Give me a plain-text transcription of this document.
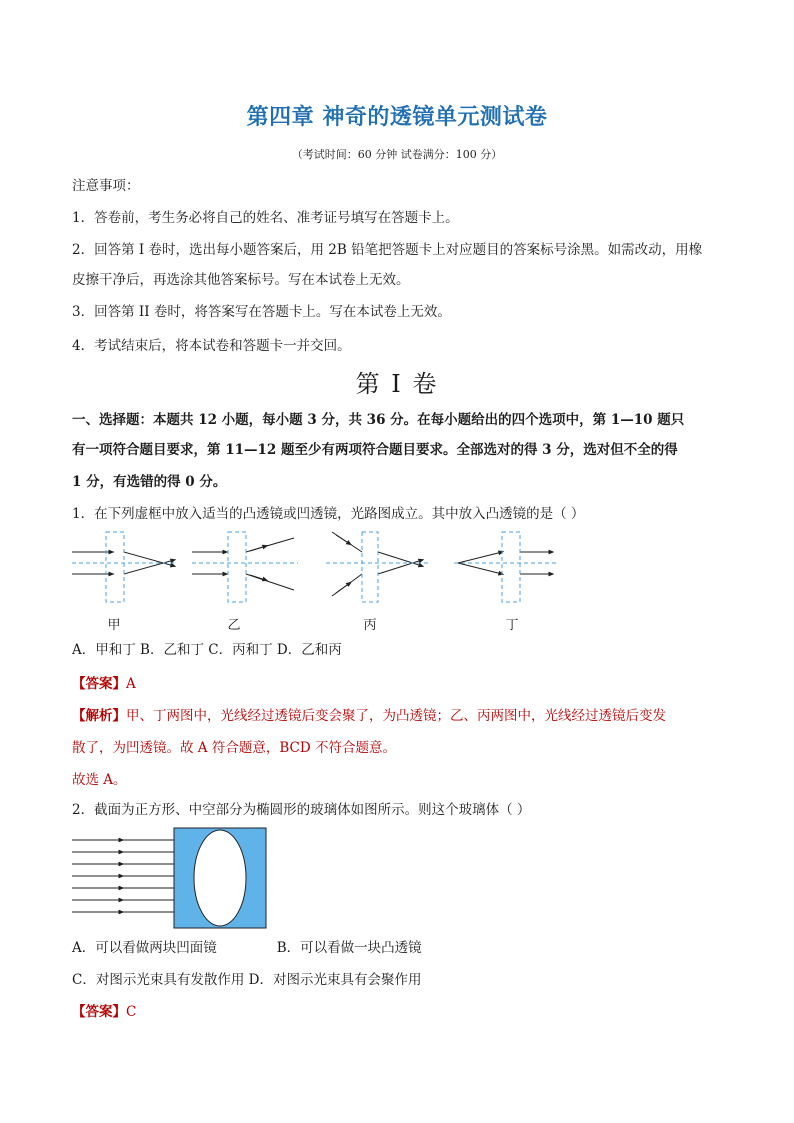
第四章 神奇的透镜单元测试卷
（考试时间：60 分钟 试卷满分：100 分）
注意事项：
1．答卷前，考生务必将自己的姓名、准考证号填写在答题卡上。
2．回答第 I 卷时，选出每小题答案后，用 2B 铅笔把答题卡上对应题目的答案标号涂黑。如需改动，用橡
皮擦干净后，再选涂其他答案标号。写在本试卷上无效。
3．回答第 II 卷时，将答案写在答题卡上。写在本试卷上无效。
4．考试结束后，将本试卷和答题卡一并交回。
第 I 卷
一、选择题：本题共 12 小题，每小题 3 分，共 36 分。在每小题给出的四个选项中，第 1—10 题只
有一项符合题目要求，第 11—12 题至少有两项符合题目要求。全部选对的得 3 分，选对但不全的得
1 分，有选错的得 0 分。
1．在下列虚框中放入适当的凸透镜或凹透镜，光路图成立。其中放入凸透镜的是（ ）
甲	乙	丙	丁
A．甲和丁 B．乙和丁 C．丙和丁 D．乙和丙
【答案】A
【解析】甲、丁两图中，光线经过透镜后变会聚了，为凸透镜；乙、丙两图中，光线经过透镜后变发
散了，为凹透镜。故 A 符合题意，BCD 不符合题意。
故选 A。
2．截面为正方形、中空部分为椭圆形的玻璃体如图所示。则这个玻璃体（ ）
A．可以看做两块凹面镜	B．可以看做一块凸透镜
C．对图示光束具有发散作用 D．对图示光束具有会聚作用
【答案】C
